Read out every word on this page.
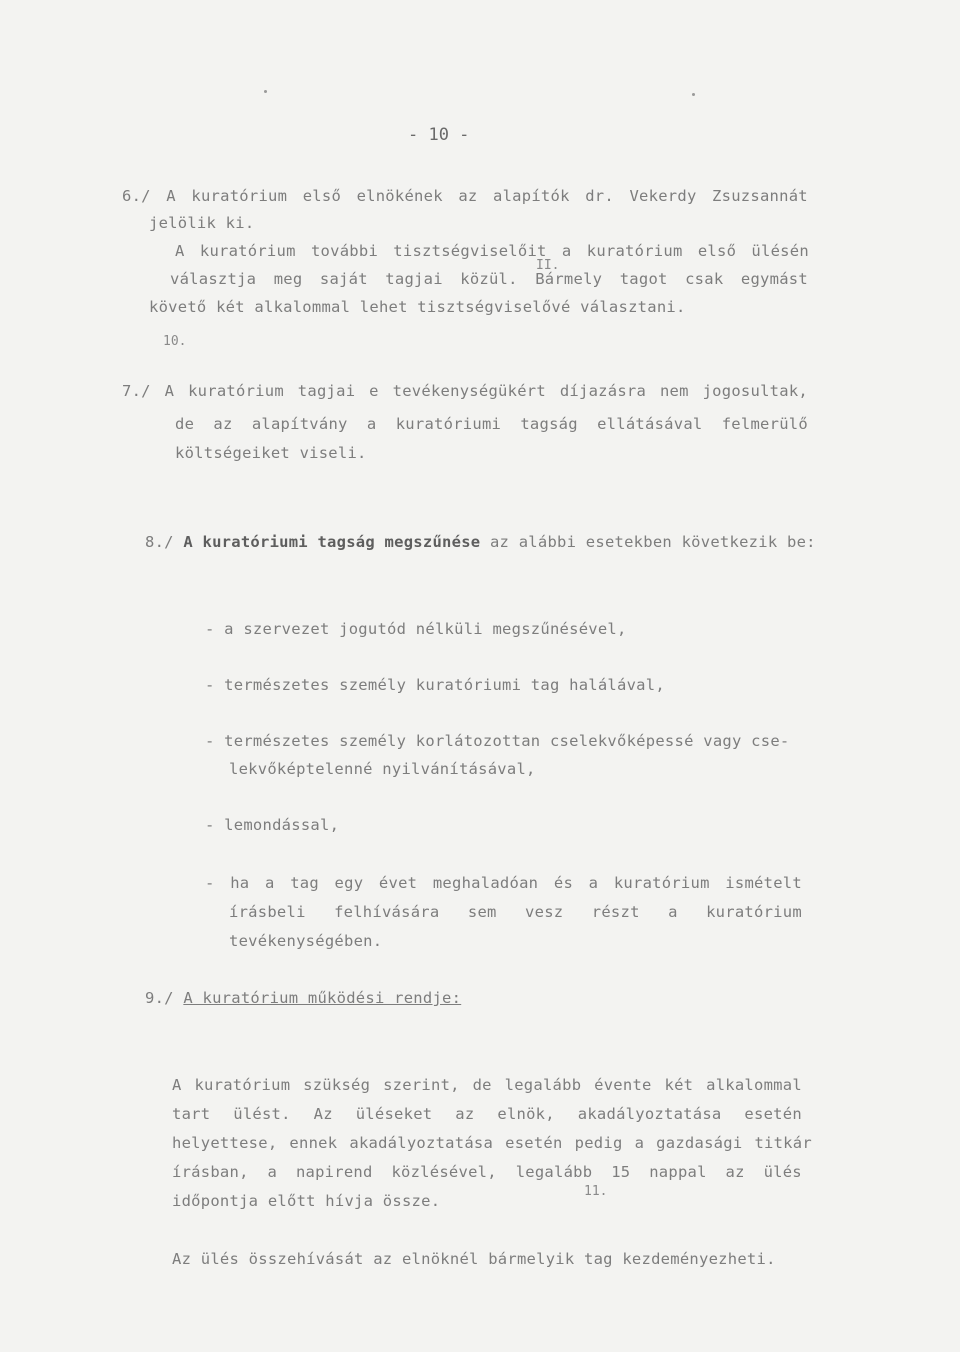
- 10 -
6./ A kuratórium első elnökének az alapítók dr. Vekerdy Zsuzsannát
jelölik ki.
A kuratórium további tisztségviselőit a kuratórium első ülésén
II.
választja meg saját tagjai közül. Bármely tagot csak egymást
követő két alkalommal lehet tisztségviselővé választani.
10.
7./ A kuratórium tagjai e tevékenységükért díjazásra nem jogosultak,
de az alapítvány a kuratóriumi tagság ellátásával felmerülő
költségeiket viseli.
8./ A kuratóriumi tagság megszűnése az alábbi esetekben következik be:
- a szervezet jogutód nélküli megszűnésével,
- természetes személy kuratóriumi tag halálával,
- természetes személy korlátozottan cselekvőképessé vagy cse-
lekvőképtelenné nyilvánításával,
- lemondással,
- ha a tag egy évet meghaladóan és a kuratórium ismételt
írásbeli felhívására sem vesz részt a kuratórium
tevékenységében.
9./ A kuratórium működési rendje:
A kuratórium szükség szerint, de legalább évente két alkalommal
tart ülést. Az üléseket az elnök, akadályoztatása esetén
helyettese, ennek akadályoztatása esetén pedig a gazdasági titkár
írásban, a napirend közlésével, legalább 15 nappal az ülés
időpontja előtt hívja össze.
11.
Az ülés összehívását az elnöknél bármelyik tag kezdeményezheti.
